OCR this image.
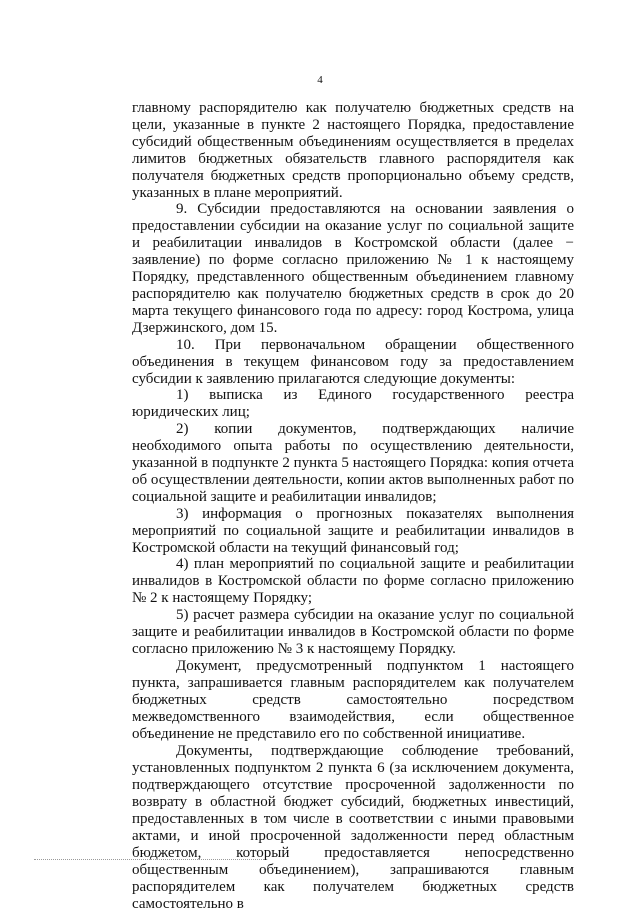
4

главному распорядителю как получателю бюджетных средств на цели, указанные в пункте 2 настоящего Порядка, предоставление субсидий общественным объединениям осуществляется в пределах лимитов бюджетных обязательств главного распорядителя как получателя бюджетных средств пропорционально объему средств, указанных в плане мероприятий.

9. Субсидии предоставляются на основании заявления о предоставлении субсидии на оказание услуг по социальной защите и реабилитации инвалидов в Костромской области (далее − заявление) по форме согласно приложению № 1 к настоящему Порядку, представленного общественным объединением главному распорядителю как получателю бюджетных средств в срок до 20 марта текущего финансового года по адресу: город Кострома, улица Дзержинского, дом 15.

10. При первоначальном обращении общественного объединения в текущем финансовом году за предоставлением субсидии к заявлению прилагаются следующие документы:

1) выписка из Единого государственного реестра юридических лиц;

2) копии документов, подтверждающих наличие необходимого опыта работы по осуществлению деятельности, указанной в подпункте 2 пункта 5 настоящего Порядка: копия отчета об осуществлении деятельности, копии актов выполненных работ по социальной защите и реабилитации инвалидов;

3) информация о прогнозных показателях выполнения мероприятий по социальной защите и реабилитации инвалидов в Костромской области на текущий финансовый год;

4) план мероприятий по социальной защите и реабилитации инвалидов в Костромской области по форме согласно приложению № 2 к настоящему Порядку;

5) расчет размера субсидии на оказание услуг по социальной защите и реабилитации инвалидов в Костромской области по форме согласно приложению № 3 к настоящему Порядку.

Документ, предусмотренный подпунктом 1 настоящего пункта, запрашивается главным распорядителем как получателем бюджетных средств самостоятельно посредством межведомственного взаимодействия, если общественное объединение не представило его по собственной инициативе.

Документы, подтверждающие соблюдение требований, установленных подпунктом 2 пункта 6 (за исключением документа, подтверждающего отсутствие просроченной задолженности по возврату в областной бюджет субсидий, бюджетных инвестиций, предоставленных в том числе в соответствии с иными правовыми актами, и иной просроченной задолженности перед областным бюджетом, который предоставляется непосредственно общественным объединением), запрашиваются главным распорядителем как получателем бюджетных средств самостоятельно в
